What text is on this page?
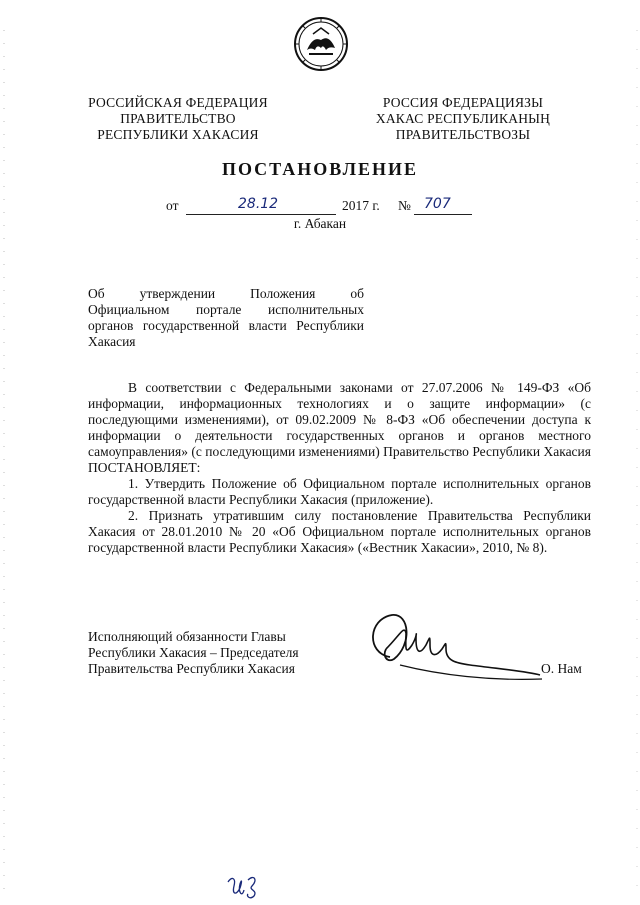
РОССИЙСКАЯ ФЕДЕРАЦИЯ
ПРАВИТЕЛЬСТВО
РЕСПУБЛИКИ ХАКАСИЯ
РОССИЯ ФЕДЕРАЦИЯЗЫ
ХАКАС РЕСПУБЛИКАНЫҢ
ПРАВИТЕЛЬСТВОЗЫ
ПОСТАНОВЛЕНИЕ
от	28.12	2017 г. № 707
г. Абакан
Об утверждении Положения об
Официальном портале исполнительных
органов государственной власти Республики
Хакасия

В соответствии с Федеральными законами от 27.07.2006 № 149-ФЗ «Об информации, информационных технологиях и о защите информации» (с последующими изменениями), от 09.02.2009 № 8-ФЗ «Об обеспечении доступа к информации о деятельности государственных органов и органов местного самоуправления» (с последующими изменениями) Правительство Республики Хакасия ПОСТАНОВЛЯЕТ:

1. Утвердить Положение об Официальном портале исполнительных органов государственной власти Республики Хакасия (приложение).

2. Признать утратившим силу постановление Правительства Республики Хакасия от 28.01.2010 № 20 «Об Официальном портале исполнительных органов государственной власти Республики Хакасия» («Вестник Хакасии», 2010, № 8).

Исполняющий обязанности Главы
Республики Хакасия – Председателя
Правительства Республики Хакасия	О. Нам
